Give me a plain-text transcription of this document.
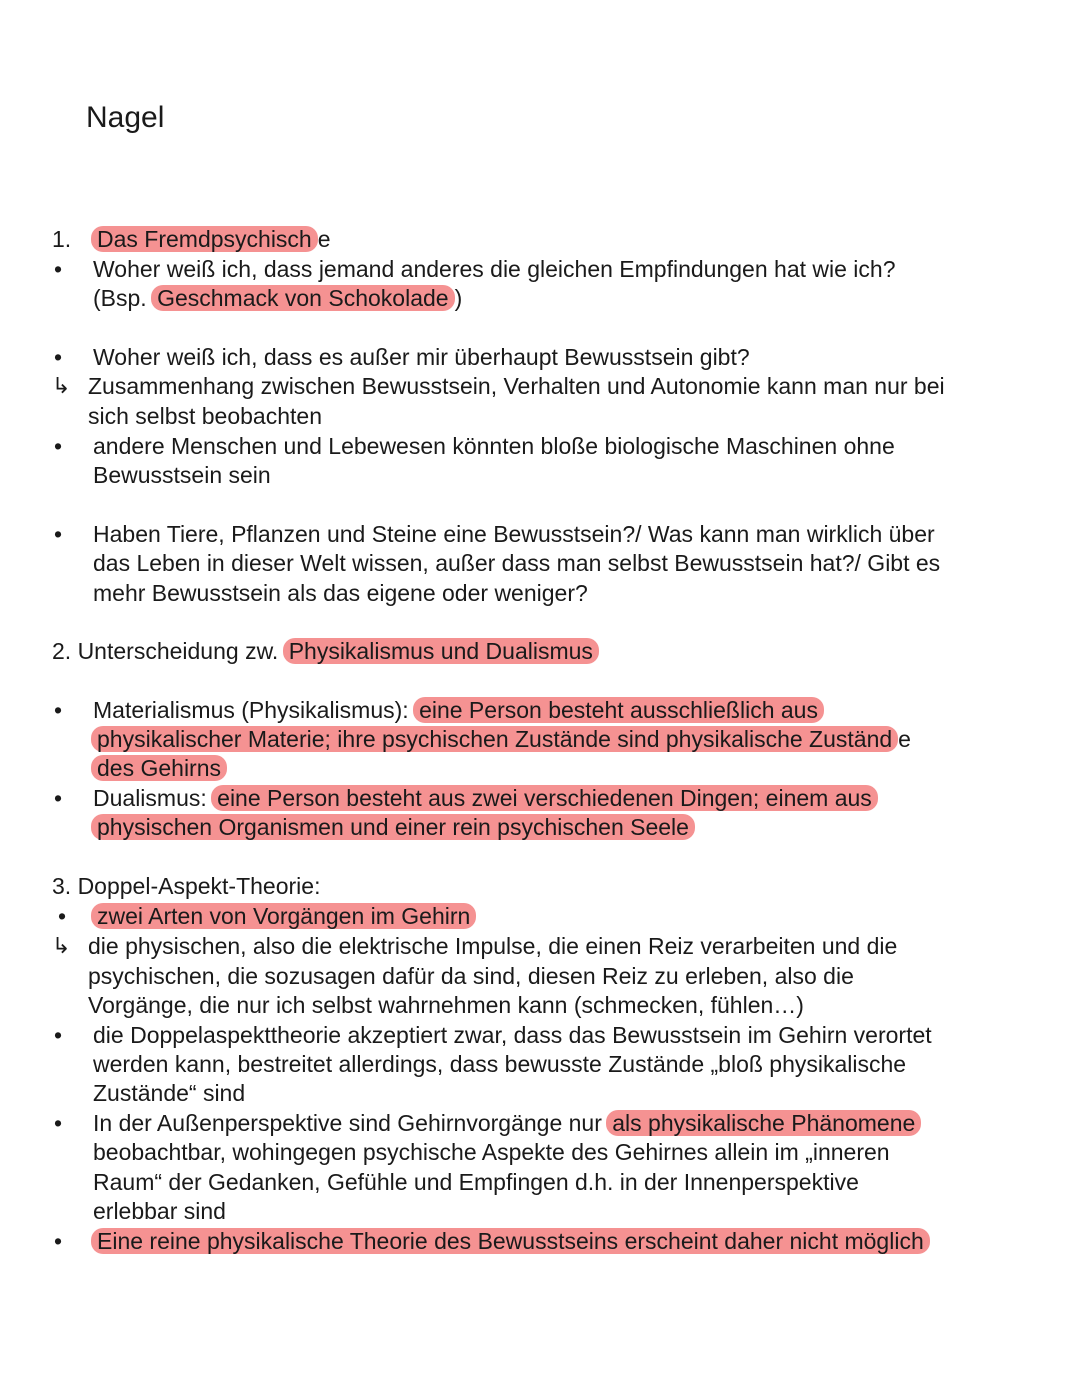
Nagel
1. Das Fremdpsychisch e
• Woher weiß ich, dass jemand anderes die gleichen Empfindungen hat wie ich?
(Bsp. Geschmack von Schokolade )
• Woher weiß ich, dass es außer mir überhaupt Bewusstsein gibt?
↳ Zusammenhang zwischen Bewusstsein, Verhalten und Autonomie kann man nur bei
sich selbst beobachten
• andere Menschen und Lebewesen könnten bloße biologische Maschinen ohne
Bewusstsein sein
• Haben Tiere, Pflanzen und Steine eine Bewusstsein?/ Was kann man wirklich über
das Leben in dieser Welt wissen, außer dass man selbst Bewusstsein hat?/ Gibt es
mehr Bewusstsein als das eigene oder weniger?
2. Unterscheidung zw. Physikalismus und Dualismus
• Materialismus (Physikalismus): eine Person besteht ausschließlich aus
physikalischer Materie; ihre psychischen Zustände sind physikalische Zuständ e
des Gehirns
• Dualismus: eine Person besteht aus zwei verschiedenen Dingen; einem aus
physischen Organismen und einer rein psychischen Seele
3. Doppel-Aspekt-Theorie:
• zwei Arten von Vorgängen im Gehirn
↳ die physischen, also die elektrische Impulse, die einen Reiz verarbeiten und die
psychischen, die sozusagen dafür da sind, diesen Reiz zu erleben, also die
Vorgänge, die nur ich selbst wahrnehmen kann (schmecken, fühlen…)
• die Doppelaspekttheorie akzeptiert zwar, dass das Bewusstsein im Gehirn verortet
werden kann, bestreitet allerdings, dass bewusste Zustände „bloß physikalische
Zustände“ sind
• In der Außenperspektive sind Gehirnvorgänge nur als physikalische Phänomene
beobachtbar, wohingegen psychische Aspekte des Gehirnes allein im „inneren
Raum“ der Gedanken, Gefühle und Empfingen d.h. in der Innenperspektive
erlebbar sind
• Eine reine physikalische Theorie des Bewusstseins erscheint daher nicht möglich
